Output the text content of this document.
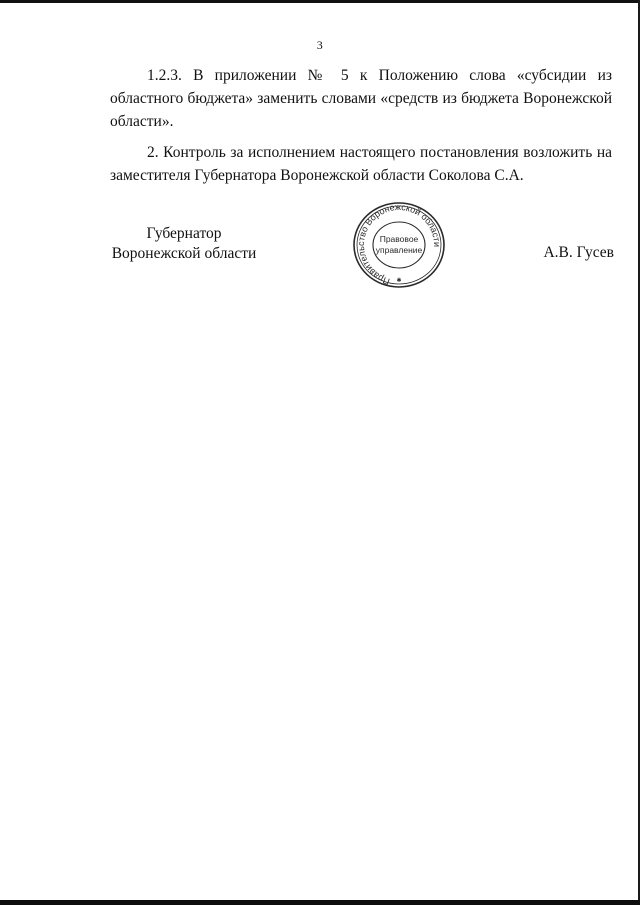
3

1.2.3. В приложении № 5 к Положению слова «субсидии из областного бюджета» заменить словами «средств из бюджета Воронежской области».

2. Контроль за исполнением настоящего постановления возложить на заместителя Губернатора Воронежской области Соколова С.А.

Губернатор
Воронежской области
Правительство Воронежской области
Правовое
управление
✱
А.В. Гусев
